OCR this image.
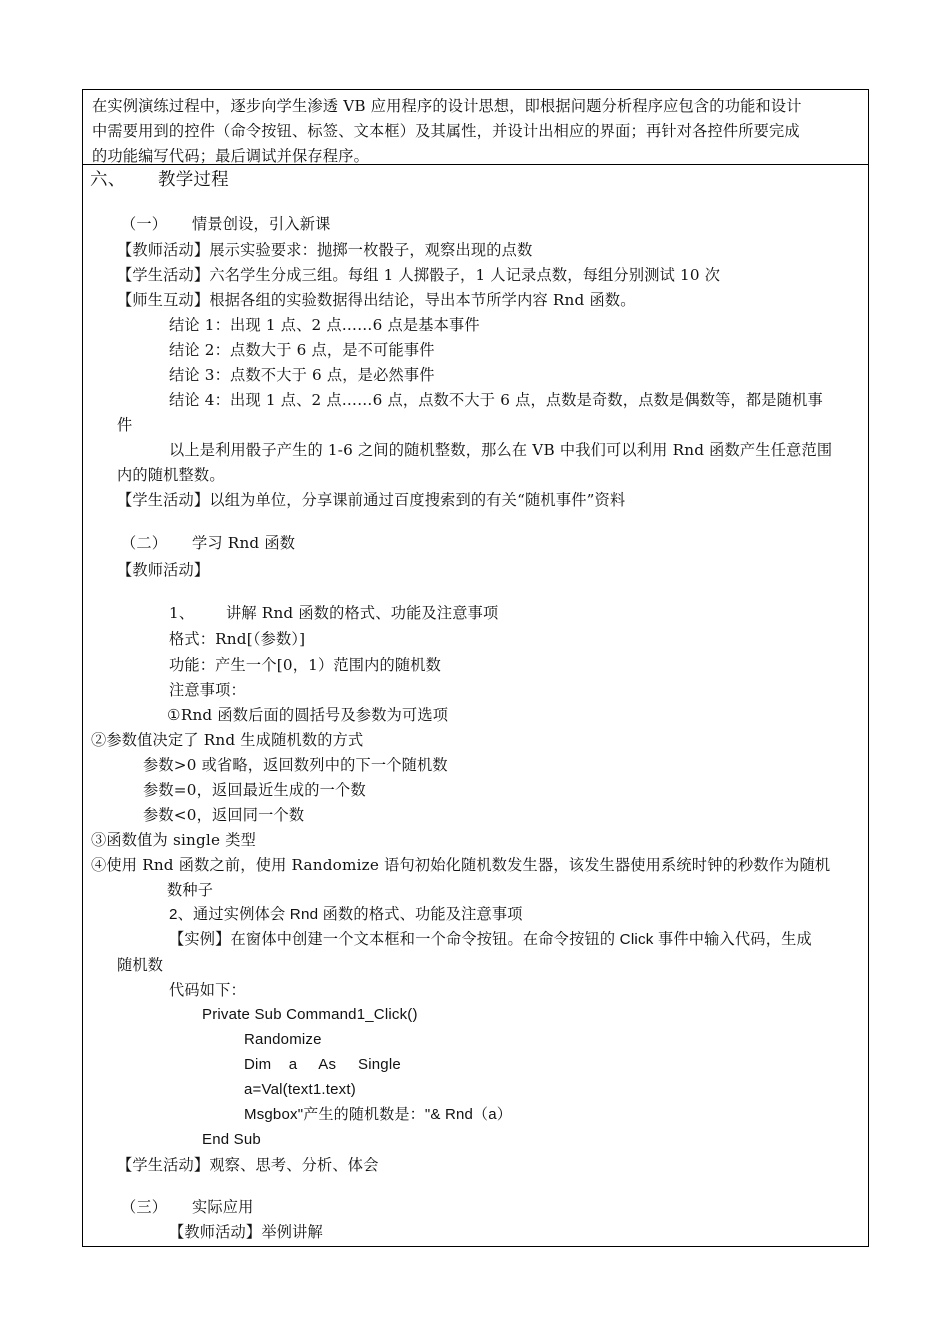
在实例演练过程中，逐步向学生渗透 VB 应用程序的设计思想，即根据问题分析程序应包含的功能和设计
中需要用到的控件（命令按钮、标签、文本框）及其属性，并设计出相应的界面；再针对各控件所要完成
的功能编写代码；最后调试并保存程序。
六、 教学过程
（一） 情景创设，引入新课
【教师活动】展示实验要求：抛掷一枚骰子，观察出现的点数
【学生活动】六名学生分成三组。每组 1 人掷骰子，1 人记录点数，每组分别测试 10 次
【师生互动】根据各组的实验数据得出结论，导出本节所学内容 Rnd 函数。
结论 1：出现 1 点、2 点……6 点是基本事件
结论 2：点数大于 6 点，是不可能事件
结论 3：点数不大于 6 点，是必然事件
结论 4：出现 1 点、2 点……6 点，点数不大于 6 点，点数是奇数，点数是偶数等，都是随机事
件
以上是利用骰子产生的 1-6 之间的随机整数，那么在 VB 中我们可以利用 Rnd 函数产生任意范围
内的随机整数。
【学生活动】以组为单位，分享课前通过百度搜索到的有关“随机事件”资料
（二） 学习 Rnd 函数
【教师活动】
1、 讲解 Rnd 函数的格式、功能及注意事项
格式：Rnd[（参数）]
功能：产生一个[0，1）范围内的随机数
注意事项：
①Rnd 函数后面的圆括号及参数为可选项
②参数值决定了 Rnd 生成随机数的方式
参数>0 或省略，返回数列中的下一个随机数
参数=0，返回最近生成的一个数
参数<0，返回同一个数
③函数值为 single 类型
④使用 Rnd 函数之前，使用 Randomize 语句初始化随机数发生器，该发生器使用系统时钟的秒数作为随机
数种子
2、通过实例体会 Rnd 函数的格式、功能及注意事项
【实例】在窗体中创建一个文本框和一个命令按钮。在命令按钮的 Click 事件中输入代码，生成
随机数
代码如下：
Private Sub Command1_Click()
Randomize
Dim    a     As     Single
a=Val(text1.text)
Msgbox"产生的随机数是："& Rnd（a）
End Sub
【学生活动】观察、思考、分析、体会
（三） 实际应用
【教师活动】举例讲解
